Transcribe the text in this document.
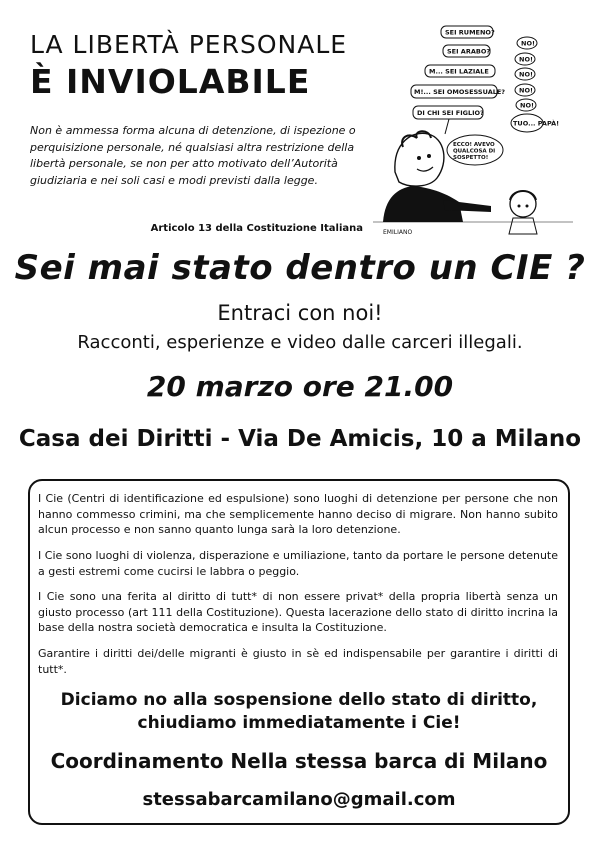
LA LIBERTÀ PERSONALE
È INVIOLABILE
Non è ammessa forma alcuna di detenzione, di ispezione o perquisizione personale, né qualsiasi altra restrizione della libertà personale, se non per atto motivato dell’Autorità giudiziaria e nei soli casi e modi previsti dalla legge.
Articolo 13 della Costituzione Italiana
SEI RUMENO?
SEI ARABO?
M... SEI LAZIALE
M!... SEI OMOSESSUALE?
DI CHI SEI FIGLIO?
NO!
NO!
NO!
NO!
NO!
TUO... PAPÀ!
ECCO! AVEVO QUALCOSA DI SOSPETTO!
EMILIANO
Sei mai stato dentro un CIE ?
Entraci con noi!
Racconti, esperienze e video dalle carceri illegali.
20 marzo ore 21.00
Casa dei Diritti - Via De Amicis, 10 a Milano
I Cie (Centri di identificazione ed espulsione) sono luoghi di detenzione per persone che non hanno commesso crimini, ma che semplicemente hanno deciso di migrare. Non hanno subito alcun processo e non sanno quanto lunga sarà la loro detenzione.
I Cie sono luoghi di violenza, disperazione e umiliazione, tanto da portare le persone detenute a gesti estremi come cucirsi le labbra o peggio.
I Cie sono una ferita al diritto di tutt* di non essere privat* della propria libertà senza un giusto processo (art 111 della Costituzione). Questa lacerazione dello stato di diritto incrina la base della nostra società democratica e insulta la Costituzione.
Garantire i diritti dei/delle migranti è giusto in sè ed indispensabile per garantire i diritti di tutt*.
Diciamo no alla sospensione dello stato di diritto,
chiudiamo immediatamente i Cie!
Coordinamento Nella stessa barca di Milano
stessabarcamilano@gmail.com
